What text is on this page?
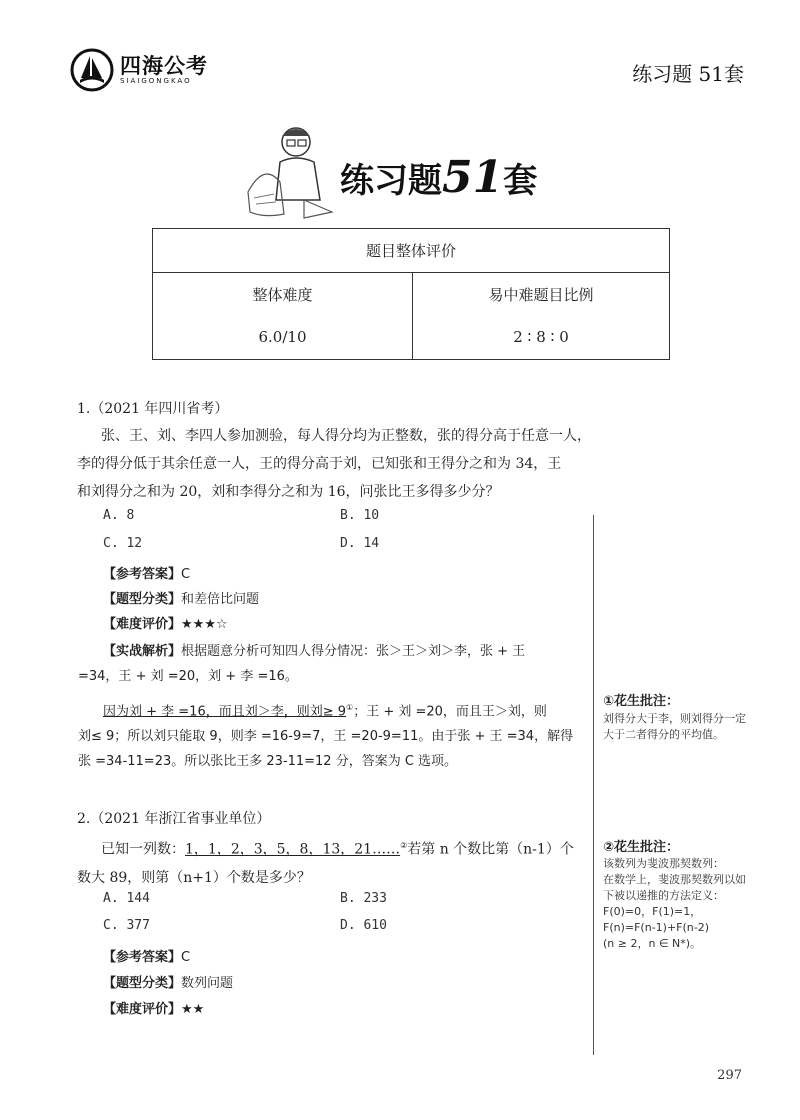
四海公考
SIAIGONGKAO	练习题 51套
练习题51套
题目整体评价	
整体难度	易中难题目比例
6.0/10	2 ∶ 8 ∶ 0
1.（2021 年四川省考）
张、王、刘、李四人参加测验，每人得分均为正整数，张的得分高于任意一人，
李的得分低于其余任意一人，王的得分高于刘，已知张和王得分之和为 34，王
和刘得分之和为 20，刘和李得分之和为 16，问张比王多得多少分？
A. 8	B. 10
C. 12	D. 14
【参考答案】C
【题型分类】和差倍比问题
【难度评价】★★★☆
【实战解析】根据题意分析可知四人得分情况：张＞王＞刘＞李，张 + 王
=34，王 + 刘 =20，刘 + 李 =16。
因为刘 + 李 =16，而且刘＞李，则刘≥ 9①；王 + 刘 =20，而且王＞刘，则
刘≤ 9；所以刘只能取 9，则李 =16-9=7，王 =20-9=11。由于张 + 王 =34，解得
张 =34-11=23。所以张比王多 23-11=12 分，答案为 C 选项。
①花生批注：
刘得分大于李，则刘得分一定大于二者得分的平均值。
2.（2021 年浙江省事业单位）
已知一列数：1，1，2，3，5，8，13，21……②若第 n 个数比第（n-1）个
数大 89，则第（n+1）个数是多少？
A. 144	B. 233
C. 377	D. 610
【参考答案】C
【题型分类】数列问题
【难度评价】★★
②花生批注：
该数列为斐波那契数列：
在数学上，斐波那契数列以如下被以递推的方法定义：
F(0)=0，F(1)=1，
F(n)=F(n-1)+F(n-2)
(n ≥ 2，n ∈ N*)。
297
